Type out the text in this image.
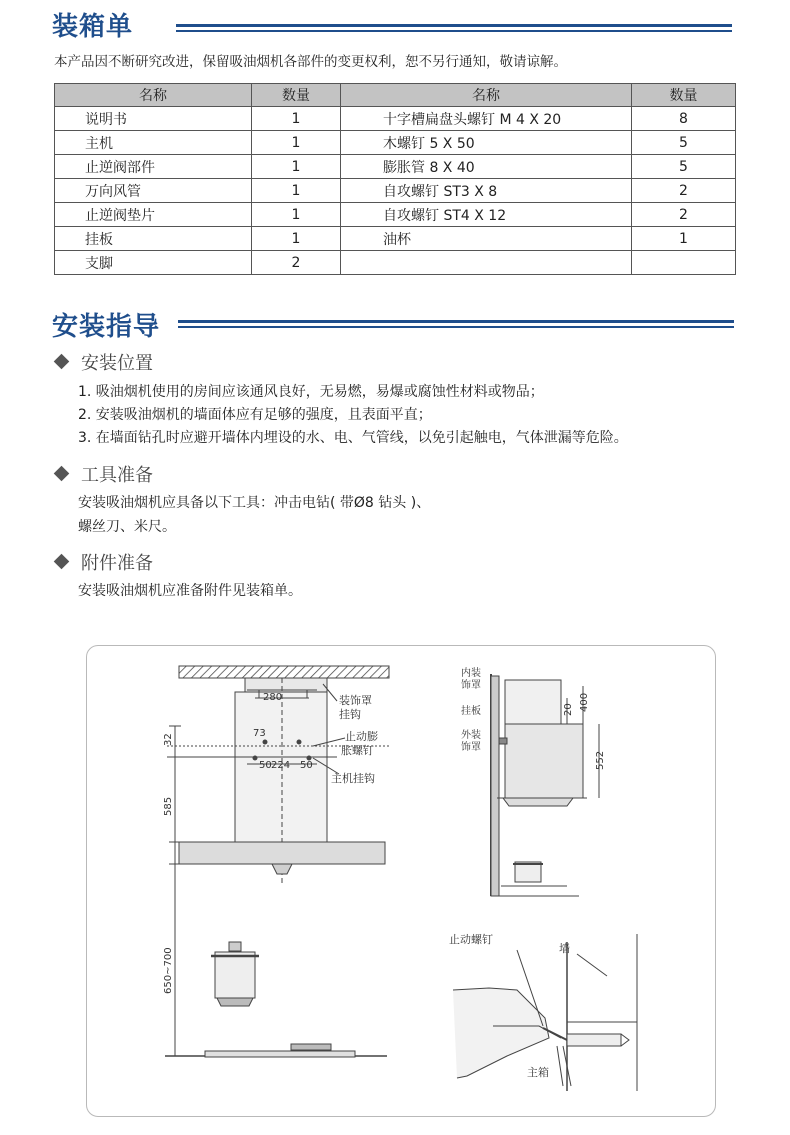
装箱单
本产品因不断研究改进，保留吸油烟机各部件的变更权利，恕不另行通知，敬请谅解。
名称	数量	名称	数量
说明书	1	十字槽扁盘头螺钉 M 4 X 20	8
主机	1	木螺钉 5 X 50	5
止逆阀部件	1	膨胀管 8 X 40	5
万向风管	1	自攻螺钉 ST3 X 8	2
止逆阀垫片	1	自攻螺钉 ST4 X 12	2
挂板	1	油杯	1
支脚	2		
安装指导
安装位置
1. 吸油烟机使用的房间应该通风良好，无易燃，易爆或腐蚀性材料或物品；
2. 安装吸油烟机的墙面体应有足够的强度，且表面平直；
3. 在墙面钻孔时应避开墙体内埋设的水、电、气管线，以免引起触电，气体泄漏等危险。
工具准备
安装吸油烟机应具备以下工具：冲击电钻( 带Ø8 钻头 )、
螺丝刀、米尺。
附件准备
安装吸油烟机应准备附件见装箱单。
280
73
50 224 50
32
585
650~700
装饰罩
挂钩
止动膨
胀螺钉
主机挂钩
内装
饰罩
挂板
外装
饰罩
20 400
552
止动螺钉
墙
主箱
